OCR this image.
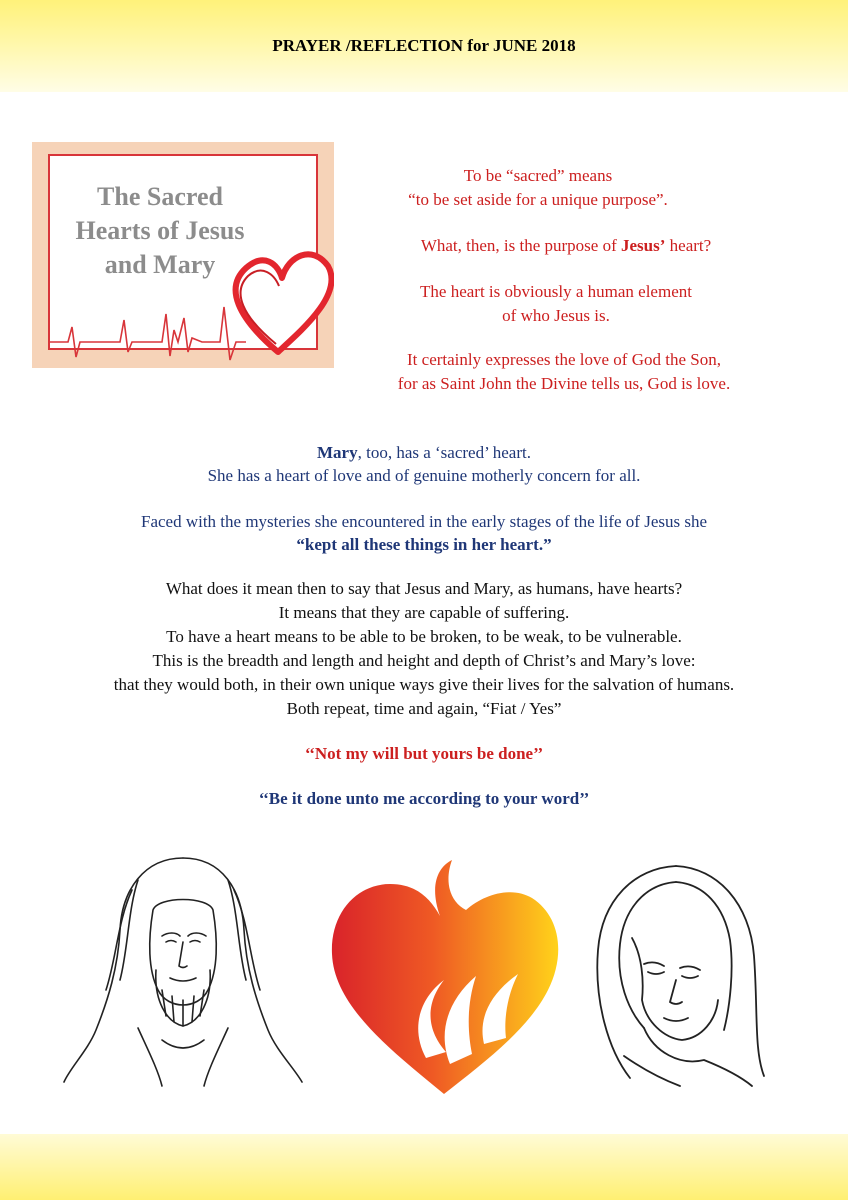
PRAYER /REFLECTION for JUNE 2018
The Sacred
Hearts of Jesus
and Mary
To be “sacred” means
“to be set aside for a unique purpose”.
What, then, is the purpose of Jesus’ heart?
The heart is obviously a human element
of who Jesus is.
It certainly expresses the love of God the Son,
for as Saint John the Divine tells us, God is love.
Mary, too, has a ‘sacred’ heart.
She has a heart of love and of genuine motherly concern for all.
Faced with the mysteries she encountered in the early stages of the life of Jesus she
“kept all these things in her heart.”
What does it mean then to say that Jesus and Mary, as humans, have hearts?
It means that they are capable of suffering.
To have a heart means to be able to be broken, to be weak, to be vulnerable.
This is the breadth and length and height and depth of Christ’s and Mary’s love:
that they would both, in their own unique ways give their lives for the salvation of humans.
Both repeat, time and again, “Fiat / Yes”
‘‘Not my will but yours be done’’
‘‘Be it done unto me according to your word’’
